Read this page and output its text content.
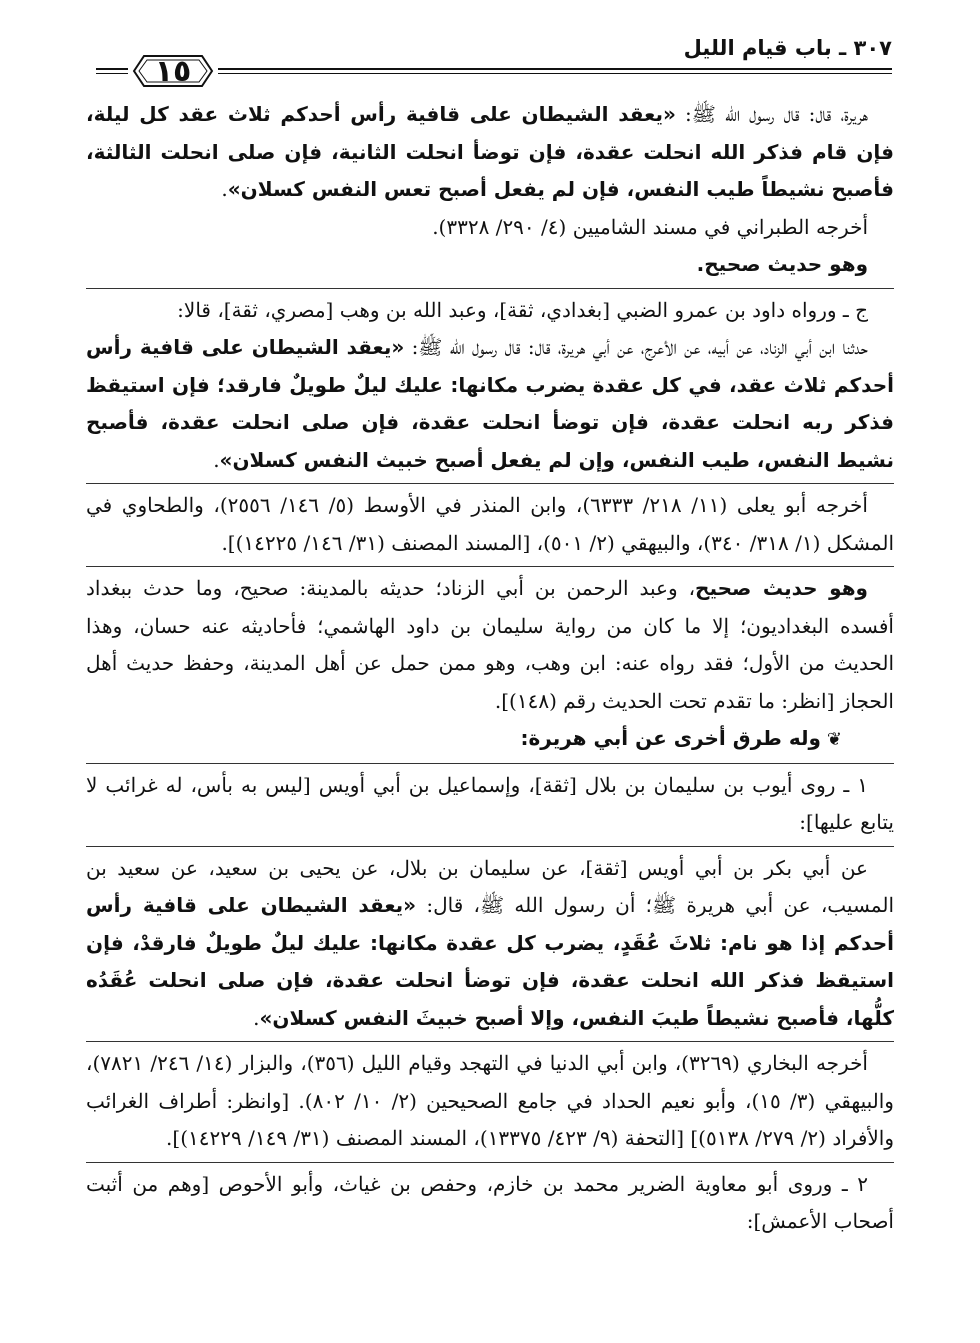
٣٠٧ ـ باب قيام الليل
١٥

هريرة، قال: قال رسول الله ﷺ: «يعقد الشيطان على قافية رأس أحدكم ثلاث عقد كل ليلة، فإن قام فذكر الله انحلت عقدة، فإن توضأ انحلت الثانية، فإن صلى انحلت الثالثة، فأصبح نشيطاً طيب النفس، فإن لم يفعل أصبح تعس النفس كسلان».

أخرجه الطبراني في مسند الشاميين (٤/ ٢٩٠/ ٣٣٢٨).

وهو حديث صحيح.

ج ـ ورواه داود بن عمرو الضبي [بغدادي، ثقة]، وعبد الله بن وهب [مصري، ثقة]، قالا:

حدثنا ابن أبي الزناد، عن أبيه، عن الأعرج، عن أبي هريرة، قال: قال رسول الله ﷺ: «يعقد الشيطان على قافية رأس أحدكم ثلاث عقد، في كل عقدة يضرب مكانها: عليك ليلٌ طويلٌ فارقد؛ فإن استيقظ فذكر ربه انحلت عقدة، فإن توضأ انحلت عقدة، فإن صلى انحلت عقدة، فأصبح نشيط النفس، طيب النفس، وإن لم يفعل أصبح خبيث النفس كسلان».

أخرجه أبو يعلى (١١/ ٢١٨/ ٦٣٣٣)، وابن المنذر في الأوسط (٥/ ١٤٦/ ٢٥٥٦)، والطحاوي في المشكل (١/ ٣١٨/ ٣٤٠)، والبيهقي (٢/ ٥٠١)، [المسند المصنف (٣١/ ١٤٦/ ١٤٢٢٥)].

وهو حديث صحيح، وعبد الرحمن بن أبي الزناد؛ حديثه بالمدينة: صحيح، وما حدث ببغداد أفسده البغداديون؛ إلا ما كان من رواية سليمان بن داود الهاشمي؛ فأحاديثه عنه حسان، وهذا الحديث من الأول؛ فقد رواه عنه: ابن وهب، وهو ممن حمل عن أهل المدينة، وحفظ حديث أهل الحجاز [انظر: ما تقدم تحت الحديث رقم (١٤٨)].

❦وله طرق أخرى عن أبي هريرة:

١ ـ روى أيوب بن سليمان بن بلال [ثقة]، وإسماعيل بن أبي أويس [ليس به بأس، له غرائب لا يتابع عليها]:

عن أبي بكر بن أبي أويس [ثقة]، عن سليمان بن بلال، عن يحيى بن سعيد، عن سعيد بن المسيب، عن أبي هريرة ﷺ؛ أن رسول الله ﷺ، قال: «يعقد الشيطان على قافية رأس أحدكم إذا هو نام: ثلاثَ عُقَدٍ، يضرب كل عقدة مكانها: عليك ليلٌ طويلٌ فارقدْ، فإن استيقظ فذكر الله انحلت عقدة، فإن توضأ انحلت عقدة، فإن صلى انحلت عُقَدُه كلُّها، فأصبح نشيطاً طيبَ النفس، وإلا أصبح خبيثَ النفس كسلان».

أخرجه البخاري (٣٢٦٩)، وابن أبي الدنيا في التهجد وقيام الليل (٣٥٦)، والبزار (١٤/ ٢٤٦/ ٧٨٢١)، والبيهقي (٣/ ١٥)، وأبو نعيم الحداد في جامع الصحيحين (٢/ ١٠/ ٨٠٢). [وانظر: أطراف الغرائب والأفراد (٢/ ٢٧٩/ ٥١٣٨)] [التحفة (٩/ ٤٢٣/ ١٣٣٧٥)، المسند المصنف (٣١/ ١٤٩/ ١٤٢٢٩)].

٢ ـ وروى أبو معاوية الضرير محمد بن خازم، وحفص بن غياث، وأبو الأحوص [وهم من أثبت أصحاب الأعمش]:
